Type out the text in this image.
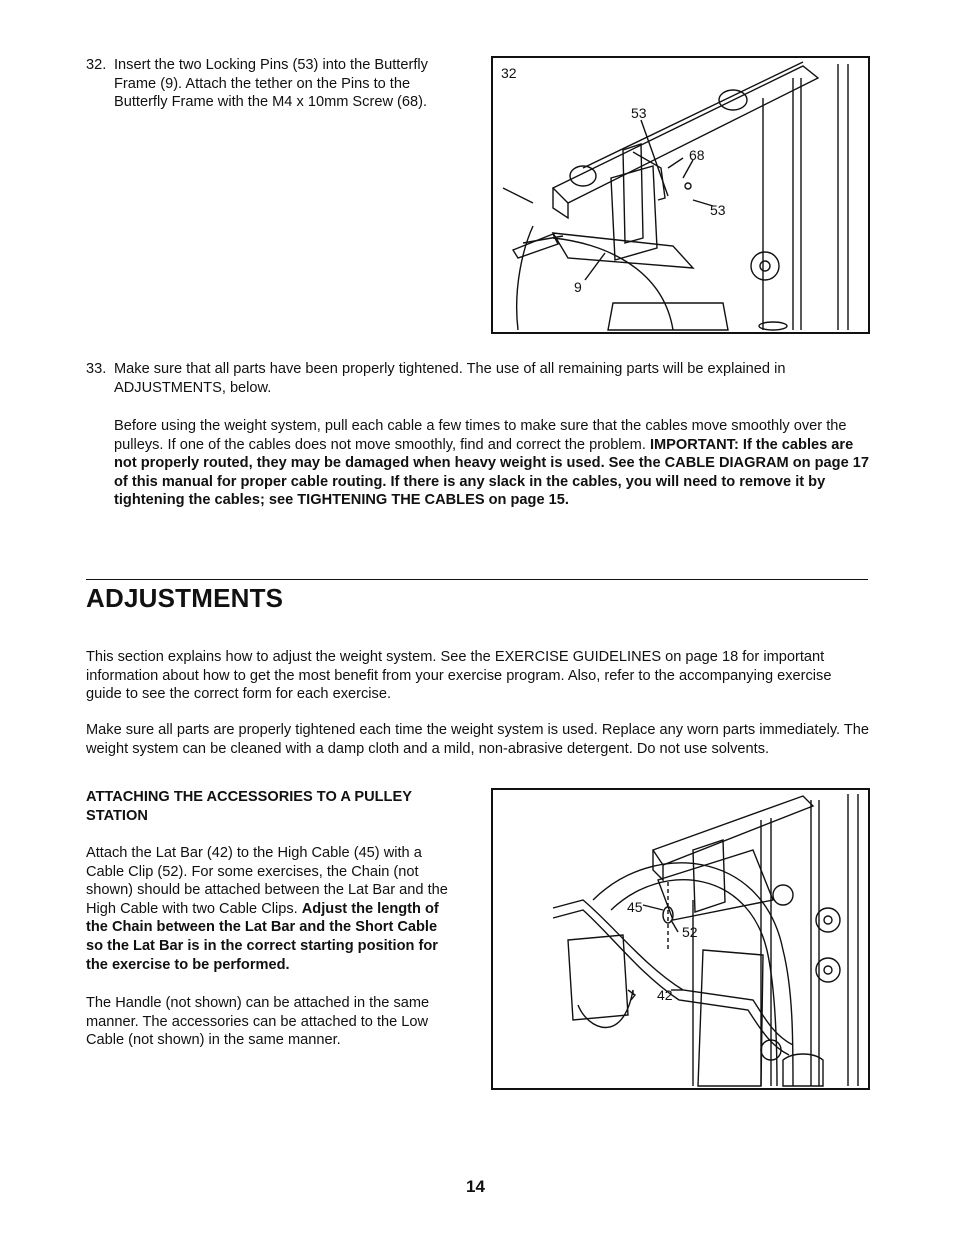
32. Insert the two Locking Pins (53) into the Butterfly Frame (9). Attach the tether on the Pins to the Butterfly Frame with the M4 x 10mm Screw (68).

32
53
68
53
9
33. Make sure that all parts have been properly tightened. The use of all remaining parts will be explained in ADJUSTMENTS, below.

Before using the weight system, pull each cable a few times to make sure that the cables move smoothly over the pulleys. If one of the cables does not move smoothly, find and correct the problem. IMPORTANT: If the cables are not properly routed, they may be damaged when heavy weight is used. See the CABLE DIAGRAM on page 17 of this manual for proper cable routing. If there is any slack in the cables, you will need to remove it by tightening the cables; see TIGHTENING THE CABLES on page 15.

ADJUSTMENTS

This section explains how to adjust the weight system. See the EXERCISE GUIDELINES on page 18 for important information about how to get the most benefit from your exercise program. Also, refer to the accompanying exercise guide to see the correct form for each exercise.

Make sure all parts are properly tightened each time the weight system is used. Replace any worn parts immediately. The weight system can be cleaned with a damp cloth and a mild, non-abrasive detergent. Do not use solvents.

ATTACHING THE ACCESSORIES TO A PULLEY STATION

Attach the Lat Bar (42) to the High Cable (45) with a Cable Clip (52). For some exercises, the Chain (not shown) should be attached between the Lat Bar and the High Cable with two Cable Clips. Adjust the length of the Chain between the Lat Bar and the Short Cable so the Lat Bar is in the correct starting position for the exercise to be performed.

The Handle (not shown) can be attached in the same manner. The accessories can be attached to the Low Cable (not shown) in the same manner.

45
52
42
14
